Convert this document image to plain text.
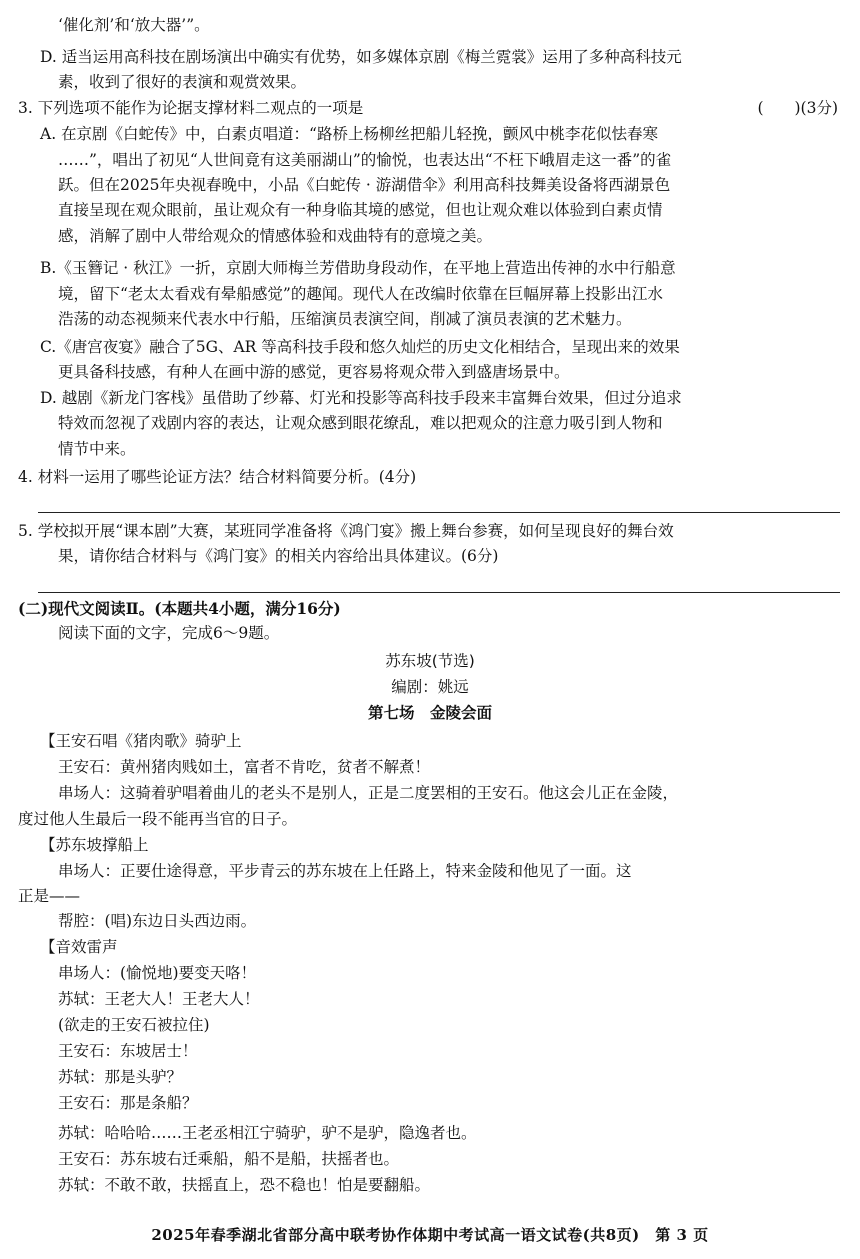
‘催化剂’和‘放大器’”。
D. 适当运用高科技在剧场演出中确实有优势，如多媒体京剧《梅兰霓裳》运用了多种高科技元
素，收到了很好的表演和观赏效果。
3. 下列选项不能作为论据支撑材料二观点的一项是	(　　)(3分)
A. 在京剧《白蛇传》中，白素贞唱道：“路桥上杨柳丝把船儿轻挽，颤风中桃李花似怯春寒
……”，唱出了初见“人世间竟有这美丽湖山”的愉悦，也表达出“不枉下峨眉走这一番”的雀
跃。但在2025年央视春晚中，小品《白蛇传 · 游湖借伞》利用高科技舞美设备将西湖景色
直接呈现在观众眼前，虽让观众有一种身临其境的感觉，但也让观众难以体验到白素贞情
感，消解了剧中人带给观众的情感体验和戏曲特有的意境之美。
B.《玉簪记 · 秋江》一折，京剧大师梅兰芳借助身段动作，在平地上营造出传神的水中行船意
境，留下“老太太看戏有晕船感觉”的趣闻。现代人在改编时依靠在巨幅屏幕上投影出江水
浩荡的动态视频来代表水中行船，压缩演员表演空间，削减了演员表演的艺术魅力。
C.《唐宫夜宴》融合了5G、AR 等高科技手段和悠久灿烂的历史文化相结合，呈现出来的效果
更具备科技感，有种人在画中游的感觉，更容易将观众带入到盛唐场景中。
D. 越剧《新龙门客栈》虽借助了纱幕、灯光和投影等高科技手段来丰富舞台效果，但过分追求
特效而忽视了戏剧内容的表达，让观众感到眼花缭乱，难以把观众的注意力吸引到人物和
情节中来。
4. 材料一运用了哪些论证方法？结合材料简要分析。(4分)
5. 学校拟开展“课本剧”大赛，某班同学准备将《鸿门宴》搬上舞台参赛，如何呈现良好的舞台效
果，请你结合材料与《鸿门宴》的相关内容给出具体建议。(6分)
(二)现代文阅读Ⅱ。(本题共4小题，满分16分)
阅读下面的文字，完成6～9题。
苏东坡(节选)
编剧：姚远
第七场　金陵会面
【王安石唱《猪肉歌》骑驴上
王安石：黄州猪肉贱如土，富者不肯吃，贫者不解煮！
串场人：这骑着驴唱着曲儿的老头不是别人，正是二度罢相的王安石。他这会儿正在金陵，
度过他人生最后一段不能再当官的日子。
【苏东坡撑船上
串场人：正要仕途得意，平步青云的苏东坡在上任路上，特来金陵和他见了一面。这
正是——
帮腔：(唱)东边日头西边雨。
【音效雷声
串场人：(愉悦地)要变天咯！
苏轼：王老大人！王老大人！
(欲走的王安石被拉住)
王安石：东坡居士！
苏轼：那是头驴？
王安石：那是条船？
苏轼：哈哈哈……王老丞相江宁骑驴，驴不是驴，隐逸者也。
王安石：苏东坡右迁乘船，船不是船，扶摇者也。
苏轼：不敢不敢，扶摇直上，恐不稳也！怕是要翻船。
2025年春季湖北省部分高中联考协作体期中考试高一语文试卷(共8页)　第 3 页
